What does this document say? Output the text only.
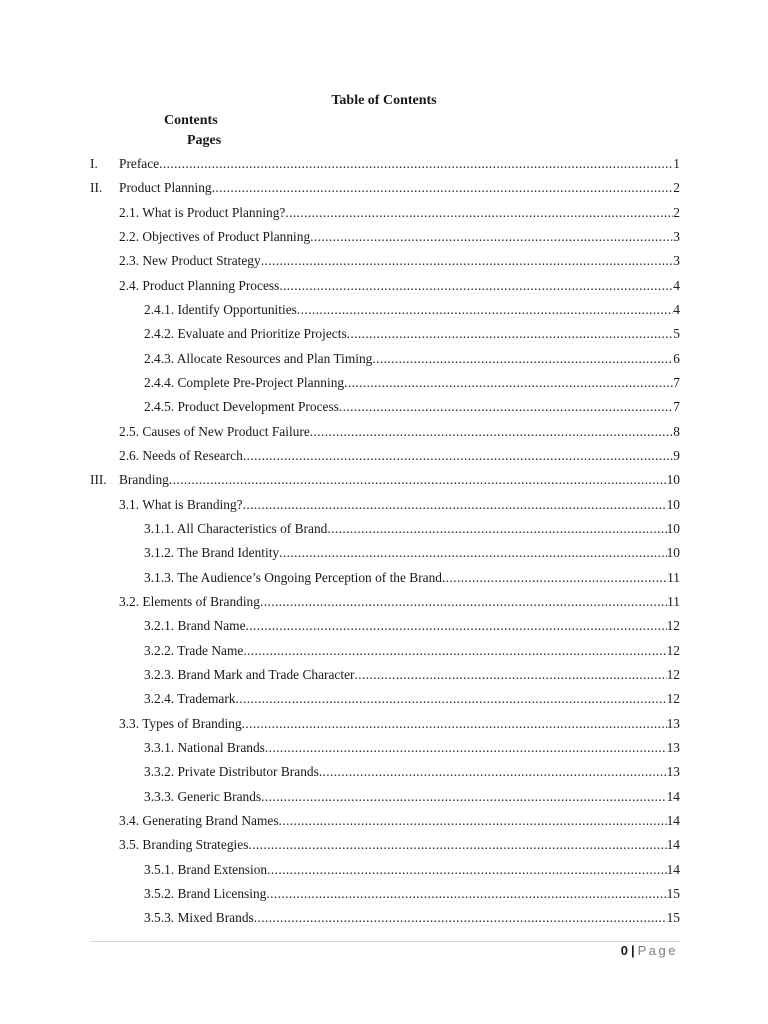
Table of Contents
Contents
Pages
I. Preface .....	1
II. Product Planning .....	2
2.1. What is Product Planning? .....	2
2.2. Objectives of Product Planning .....	3
2.3. New Product Strategy .....	3
2.4. Product Planning Process .....	4
2.4.1. Identify Opportunities .....	4
2.4.2. Evaluate and Prioritize Projects .....	5
2.4.3. Allocate Resources and Plan Timing .....	6
2.4.4. Complete Pre-Project Planning .....	7
2.4.5. Product Development Process .....	7
2.5. Causes of New Product Failure .....	8
2.6. Needs of Research .....	9
III. Branding .....	10
3.1. What is Branding? .....	10
3.1.1. All Characteristics of Brand .....	10
3.1.2. The Brand Identity .....	10
3.1.3. The Audience’s Ongoing Perception of the Brand .....	11
3.2. Elements of Branding .....	11
3.2.1. Brand Name .....	12
3.2.2. Trade Name .....	12
3.2.3. Brand Mark and Trade Character .....	12
3.2.4. Trademark .....	12
3.3. Types of Branding .....	13
3.3.1. National Brands .....	13
3.3.2. Private Distributor Brands .....	13
3.3.3. Generic Brands .....	14
3.4. Generating Brand Names .....	14
3.5. Branding Strategies .....	14
3.5.1. Brand Extension .....	14
3.5.2. Brand Licensing .....	15
3.5.3. Mixed Brands .....	15
0 | Page
